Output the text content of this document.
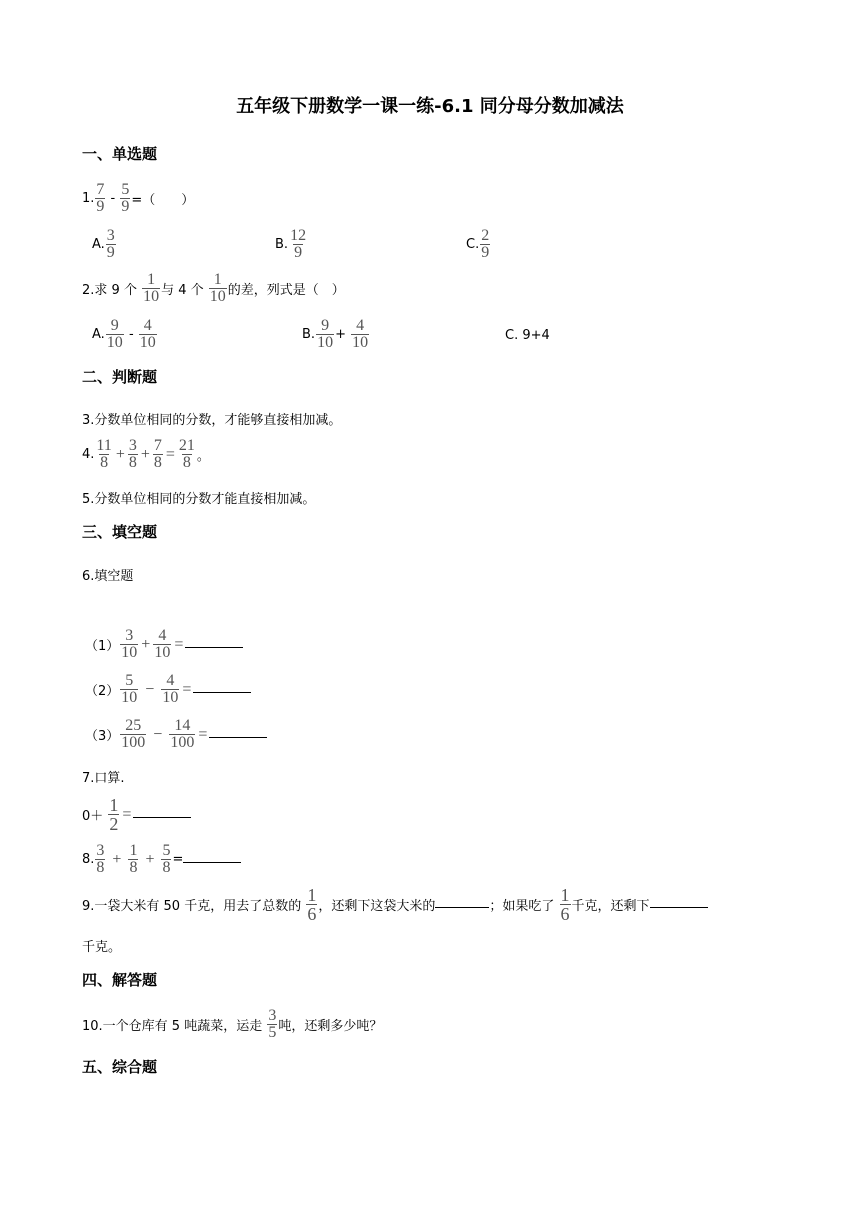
五年级下册数学一课一练-6.1 同分母分数加减法
一、单选题
1. $\frac{7}{9} - \frac{5}{9}$ =（　　）
A. $\frac{3}{9}$	B. $\frac{12}{9}$	C. $\frac{2}{9}$
2.求 9 个 $\frac{1}{10}$ 与 4 个 $\frac{1}{10}$ 的差，列式是（　）
A. $\frac{9}{10} - \frac{4}{10}$	B. $\frac{9}{10} + \frac{4}{10}$	C. 9+4
二、判断题
3.分数单位相同的分数，才能够直接相加减。
4. $\frac{11}{8} + \frac{3}{8} + \frac{7}{8} = \frac{21}{8}$ 。
5.分数单位相同的分数才能直接相加减。
三、填空题
6.填空题
$(1) \frac{3}{10} + \frac{4}{10}$ =
$(2) \frac{5}{10} - \frac{4}{10}$ =
$(3) \frac{25}{100} - \frac{14}{100}$ =
7.口算.
$0+ \frac{1}{2}$ =
8. $\frac{3}{8} + \frac{1}{8} + \frac{5}{8}$ =
9.一袋大米有 50 千克，用去了总数的 $\frac{1}{6}$ ，还剩下这袋大米的	；如果吃了 $\frac{1}{6}$ 千克，还剩下
千克。
四、解答题
10.一个仓库有 5 吨蔬菜，运走 $\frac{3}{5}$ 吨，还剩多少吨？
五、综合题
